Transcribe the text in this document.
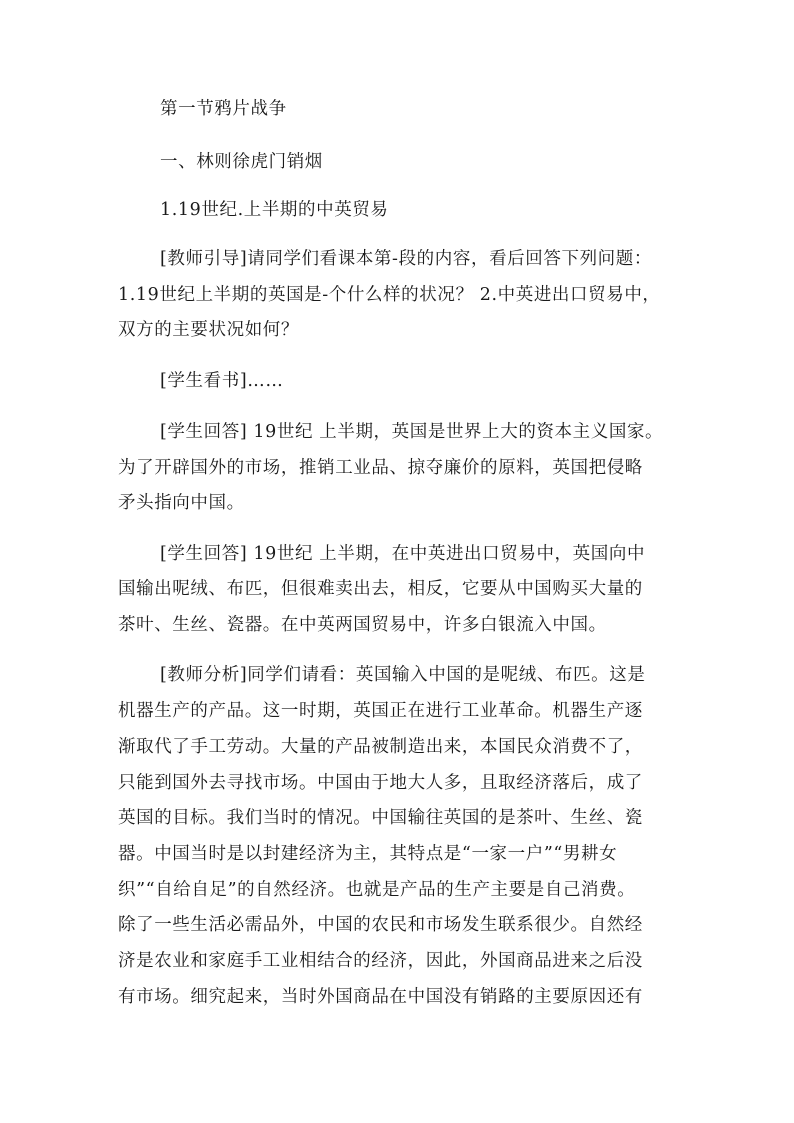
第一节鸦片战争
一、林则徐虎门销烟
1.19世纪.上半期的中英贸易
[教师引导]请同学们看课本第-段的内容，看后回答下列问题：
1.19世纪上半期的英国是-个什么样的状况？ 2.中英进出口贸易中，
双方的主要状况如何？
[学生看书]……
[学生回答] 19世纪 上半期，英国是世界上大的资本主义国家。
为了开辟国外的市场，推销工业品、掠夺廉价的原料，英国把侵略
矛头指向中国。
[学生回答] 19世纪 上半期，在中英进出口贸易中，英国向中
国输出呢绒、布匹，但很难卖出去，相反，它要从中国购买大量的
茶叶、生丝、瓷器。在中英两国贸易中，许多白银流入中国。
[教师分析]同学们请看：英国输入中国的是呢绒、布匹。这是
机器生产的产品。这一时期，英国正在进行工业革命。机器生产逐
渐取代了手工劳动。大量的产品被制造出来，本国民众消费不了，
只能到国外去寻找市场。中国由于地大人多，且取经济落后，成了
英国的目标。我们当时的情况。中国输往英国的是茶叶、生丝、瓷
器。中国当时是以封建经济为主，其特点是“一家一户”“男耕女
织”“自给自足”的自然经济。也就是产品的生产主要是自己消费。
除了一些生活必需品外，中国的农民和市场发生联系很少。自然经
济是农业和家庭手工业相结合的经济，因此，外国商品进来之后没
有市场。细究起来，当时外国商品在中国没有销路的主要原因还有
